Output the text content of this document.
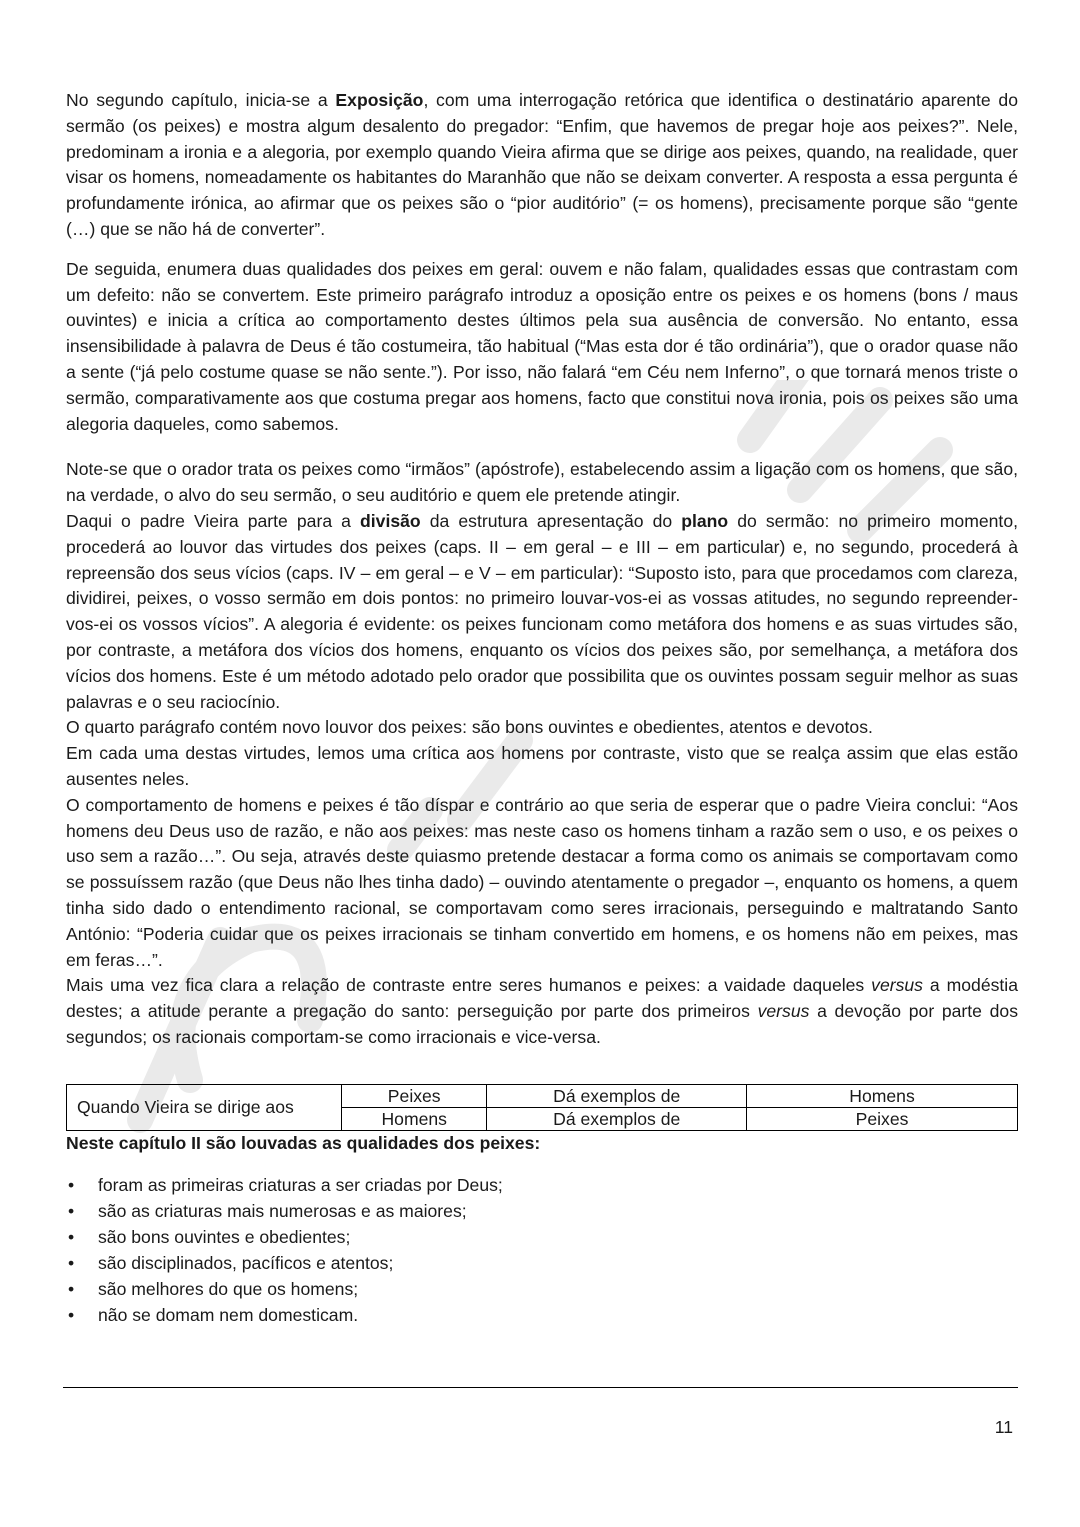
No segundo capítulo, inicia-se a Exposição, com uma interrogação retórica que identifica o destinatário aparente do sermão (os peixes) e mostra algum desalento do pregador: “Enfim, que havemos de pregar hoje aos peixes?”. Nele, predominam a ironia e a alegoria, por exemplo quando Vieira afirma que se dirige aos peixes, quando, na realidade, quer visar os homens, nomeadamente os habitantes do Maranhão que não se deixam converter. A resposta a essa pergunta é profundamente irónica, ao afirmar que os peixes são o “pior auditório” (= os homens), precisamente porque são “gente (…) que se não há de converter”.

De seguida, enumera duas qualidades dos peixes em geral: ouvem e não falam, qualidades essas que contrastam com um defeito: não se convertem. Este primeiro parágrafo introduz a oposição entre os peixes e os homens (bons / maus ouvintes) e inicia a crítica ao comportamento destes últimos pela sua ausência de conversão. No entanto, essa insensibilidade à palavra de Deus é tão costumeira, tão habitual (“Mas esta dor é tão ordinária”), que o orador quase não a sente (“já pelo costume quase se não sente.”). Por isso, não falará “em Céu nem Inferno”, o que tornará menos triste o sermão, comparativamente aos que costuma pregar aos homens, facto que constitui nova ironia, pois os peixes são uma alegoria daqueles, como sabemos.

Note-se que o orador trata os peixes como “irmãos” (apóstrofe), estabelecendo assim a ligação com os homens, que são, na verdade, o alvo do seu sermão, o seu auditório e quem ele pretende atingir.

Daqui o padre Vieira parte para a divisão da estrutura apresentação do plano do sermão: no primeiro momento, procederá ao louvor das virtudes dos peixes (caps. II – em geral – e III – em particular) e, no segundo, procederá à repreensão dos seus vícios (caps. IV – em geral – e V – em particular): “Suposto isto, para que procedamos com clareza, dividirei, peixes, o vosso sermão em dois pontos: no primeiro louvar-vos-ei as vossas atitudes, no segundo repreender-vos-ei os vossos vícios”. A alegoria é evidente: os peixes funcionam como metáfora dos homens e as suas virtudes são, por contraste, a metáfora dos vícios dos homens, enquanto os vícios dos peixes são, por semelhança, a metáfora dos vícios dos homens. Este é um método adotado pelo orador que possibilita que os ouvintes possam seguir melhor as suas palavras e o seu raciocínio.

O quarto parágrafo contém novo louvor dos peixes: são bons ouvintes e obedientes, atentos e devotos.

Em cada uma destas virtudes, lemos uma crítica aos homens por contraste, visto que se realça assim que elas estão ausentes neles.

O comportamento de homens e peixes é tão díspar e contrário ao que seria de esperar que o padre Vieira conclui: “Aos homens deu Deus uso de razão, e não aos peixes: mas neste caso os homens tinham a razão sem o uso, e os peixes o uso sem a razão…”. Ou seja, através deste quiasmo pretende destacar a forma como os animais se comportavam como se possuíssem razão (que Deus não lhes tinha dado) – ouvindo atentamente o pregador –, enquanto os homens, a quem tinha sido dado o entendimento racional, se comportavam como seres irracionais, perseguindo e maltratando Santo António: “Poderia cuidar que os peixes irracionais se tinham convertido em homens, e os homens não em peixes, mas em feras…”.

Mais uma vez fica clara a relação de contraste entre seres humanos e peixes: a vaidade daqueles versus a modéstia destes; a atitude perante a pregação do santo: perseguição por parte dos primeiros versus a devoção por parte dos segundos; os racionais comportam-se como irracionais e vice-versa.

Quando Vieira se dirige aos	Peixes	Dá exemplos de	Homens
	Homens	Dá exemplos de	Peixes
Neste capítulo II são louvadas as qualidades dos peixes:
• foram as primeiras criaturas a ser criadas por Deus;
• são as criaturas mais numerosas e as maiores;
• são bons ouvintes e obedientes;
• são disciplinados, pacíficos e atentos;
• são melhores do que os homens;
• não se domam nem domesticam.
11
